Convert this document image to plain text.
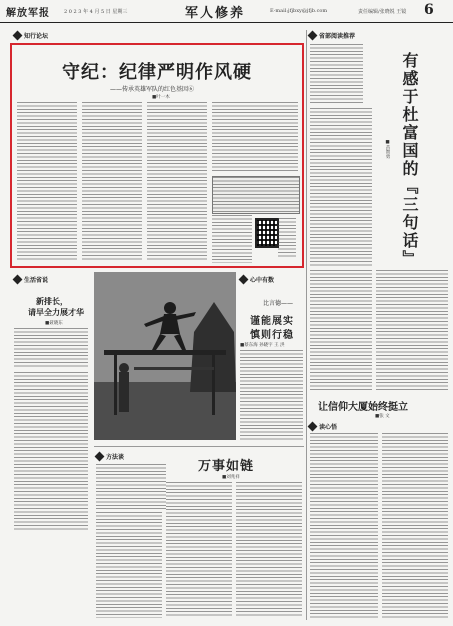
解放军报	2 0 2 3 年 4 月 5 日 星期三	军人修养	E-mail:jfjbxy@jfjb.com	责任编辑/张晓锐 王镜 6
知行论坛	省部阅读推荐
守纪：纪律严明作风硬
——传承英雄军队的红色基因⑥
■叶一木	有感于杜富国的『三句话』
■苗智勇
生活省说
新排长，
请早全力展才华
■聂晓东
心中有数
比言德——
谨能展实
慎则行稳
■蔡东海 孙晓宇 王 洪
让信仰大厦始终挺立
■张 文
读心悟
方法谈
万事如链
■刘兆祥
